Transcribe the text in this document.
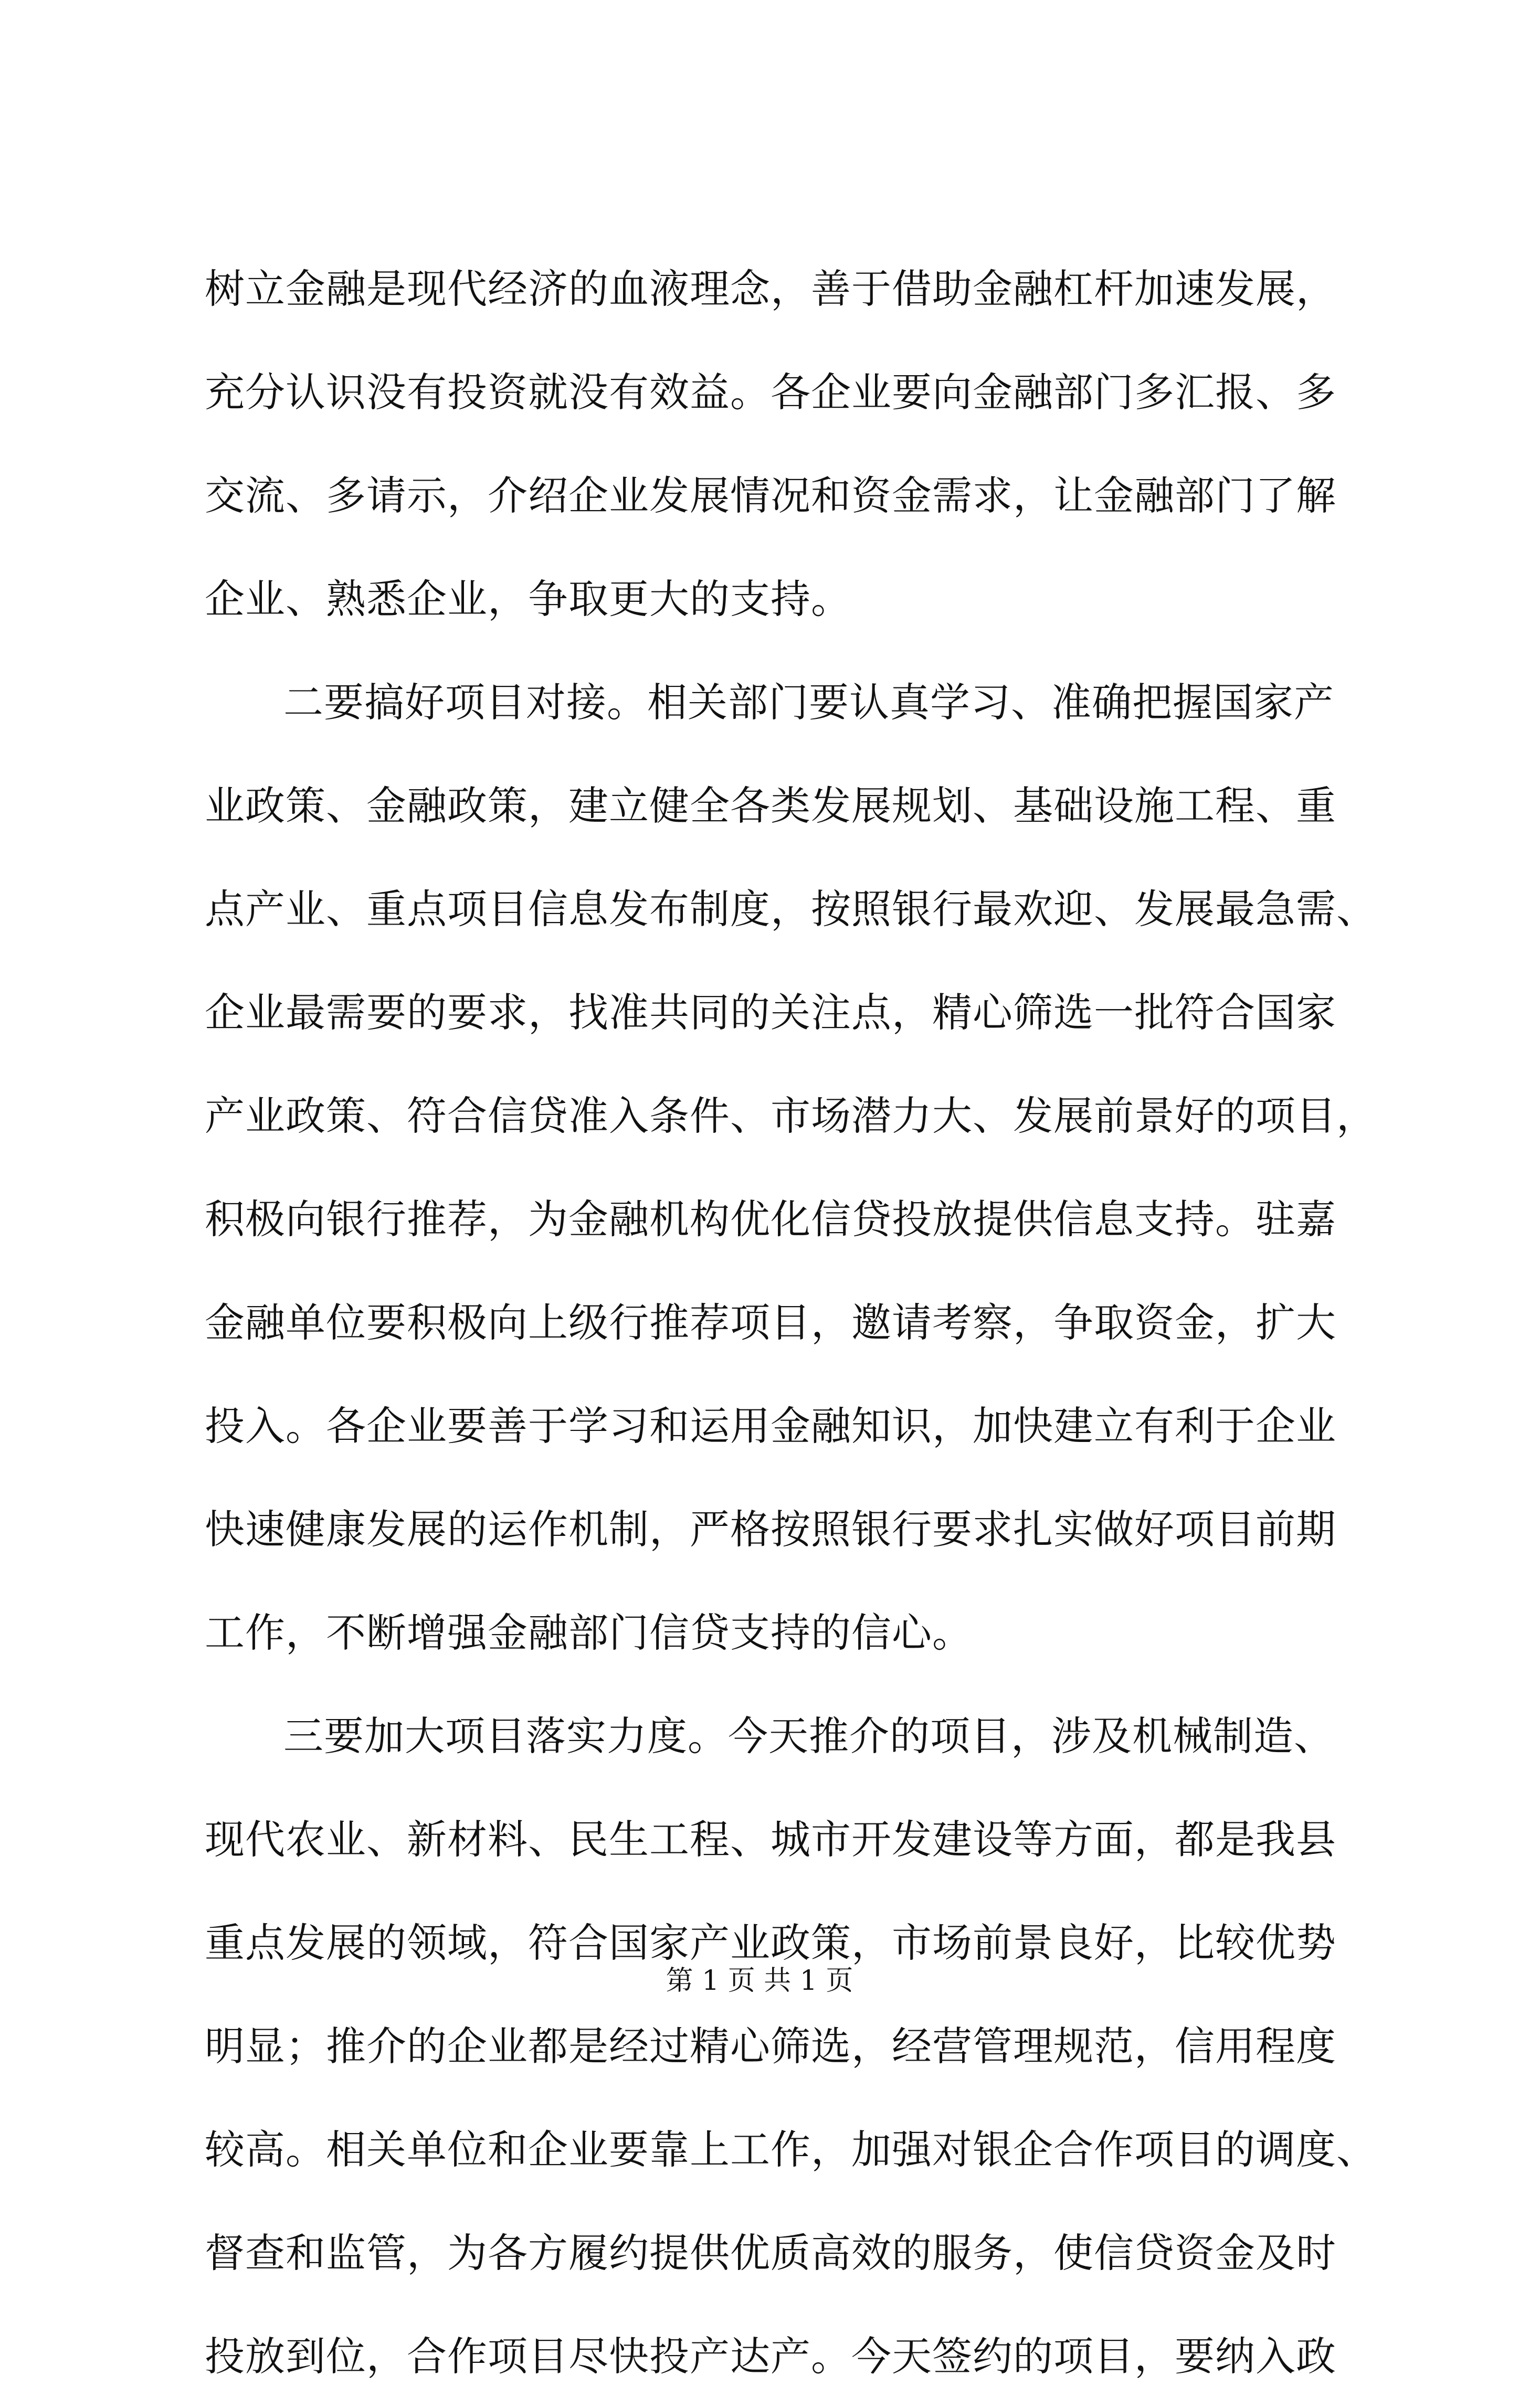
树立金融是现代经济的血液理念，善于借助金融杠杆加速发展，
充分认识没有投资就没有效益。各企业要向金融部门多汇报、多
交流、多请示，介绍企业发展情况和资金需求，让金融部门了解
企业、熟悉企业，争取更大的支持。
二要搞好项目对接。相关部门要认真学习、准确把握国家产
业政策、金融政策，建立健全各类发展规划、基础设施工程、重
点产业、重点项目信息发布制度，按照银行最欢迎、发展最急需、
企业最需要的要求，找准共同的关注点，精心筛选一批符合国家
产业政策、符合信贷准入条件、市场潜力大、发展前景好的项目，
积极向银行推荐，为金融机构优化信贷投放提供信息支持。驻嘉
金融单位要积极向上级行推荐项目，邀请考察，争取资金，扩大
投入。各企业要善于学习和运用金融知识，加快建立有利于企业
快速健康发展的运作机制，严格按照银行要求扎实做好项目前期
工作，不断增强金融部门信贷支持的信心。
三要加大项目落实力度。今天推介的项目，涉及机械制造、
现代农业、新材料、民生工程、城市开发建设等方面，都是我县
重点发展的领域，符合国家产业政策，市场前景良好，比较优势
明显；推介的企业都是经过精心筛选，经营管理规范，信用程度
较高。相关单位和企业要靠上工作，加强对银企合作项目的调度、
督查和监管，为各方履约提供优质高效的服务，使信贷资金及时
投放到位，合作项目尽快投产达产。今天签约的项目，要纳入政
第 1 页 共 1 页
